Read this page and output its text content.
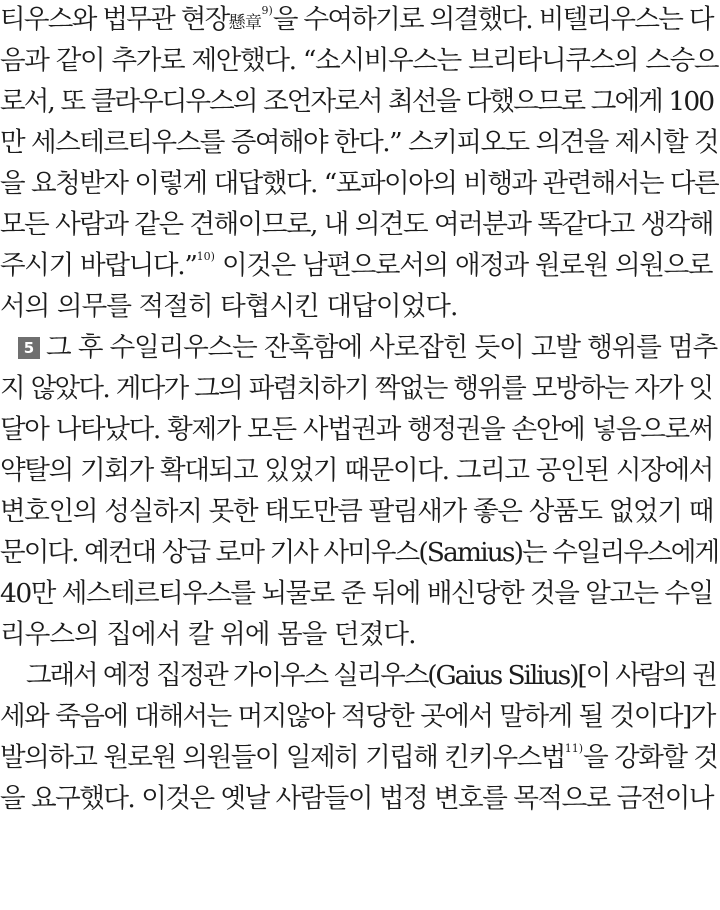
티우스와 법무관 현장懸章$^{9)}$을 수여하기로 의결했다. 비텔리우스는 다
음과 같이 추가로 제안했다. “소시비우스는 브리타니쿠스의 스승으
로서, 또 클라우디우스의 조언자로서 최선을 다했으므로 그에게 100
만 세스테르티우스를 증여해야 한다.” 스키피오도 의견을 제시할 것
을 요청받자 이렇게 대답했다. “포파이아의 비행과 관련해서는 다른
모든 사람과 같은 견해이므로, 내 의견도 여러분과 똑같다고 생각해
주시기 바랍니다.”$^{10)}$ 이것은 남편으로서의 애정과 원로원 의원으로
서의 의무를 적절히 타협시킨 대답이었다.
5 그 후 수일리우스는 잔혹함에 사로잡힌 듯이 고발 행위를 멈추
지 않았다. 게다가 그의 파렴치하기 짝없는 행위를 모방하는 자가 잇
달아 나타났다. 황제가 모든 사법권과 행정권을 손안에 넣음으로써
약탈의 기회가 확대되고 있었기 때문이다. 그리고 공인된 시장에서
변호인의 성실하지 못한 태도만큼 팔림새가 좋은 상품도 없었기 때
문이다. 예컨대 상급 로마 기사 사미우스(Samius)는 수일리우스에게
40만 세스테르티우스를 뇌물로 준 뒤에 배신당한 것을 알고는 수일
리우스의 집에서 칼 위에 몸을 던졌다.
그래서 예정 집정관 가이우스 실리우스(Gaius Silius)[이 사람의 권
세와 죽음에 대해서는 머지않아 적당한 곳에서 말하게 될 것이다]가
발의하고 원로원 의원들이 일제히 기립해 킨키우스법$^{11)}$을 강화할 것
을 요구했다. 이것은 옛날 사람들이 법정 변호를 목적으로 금전이나
